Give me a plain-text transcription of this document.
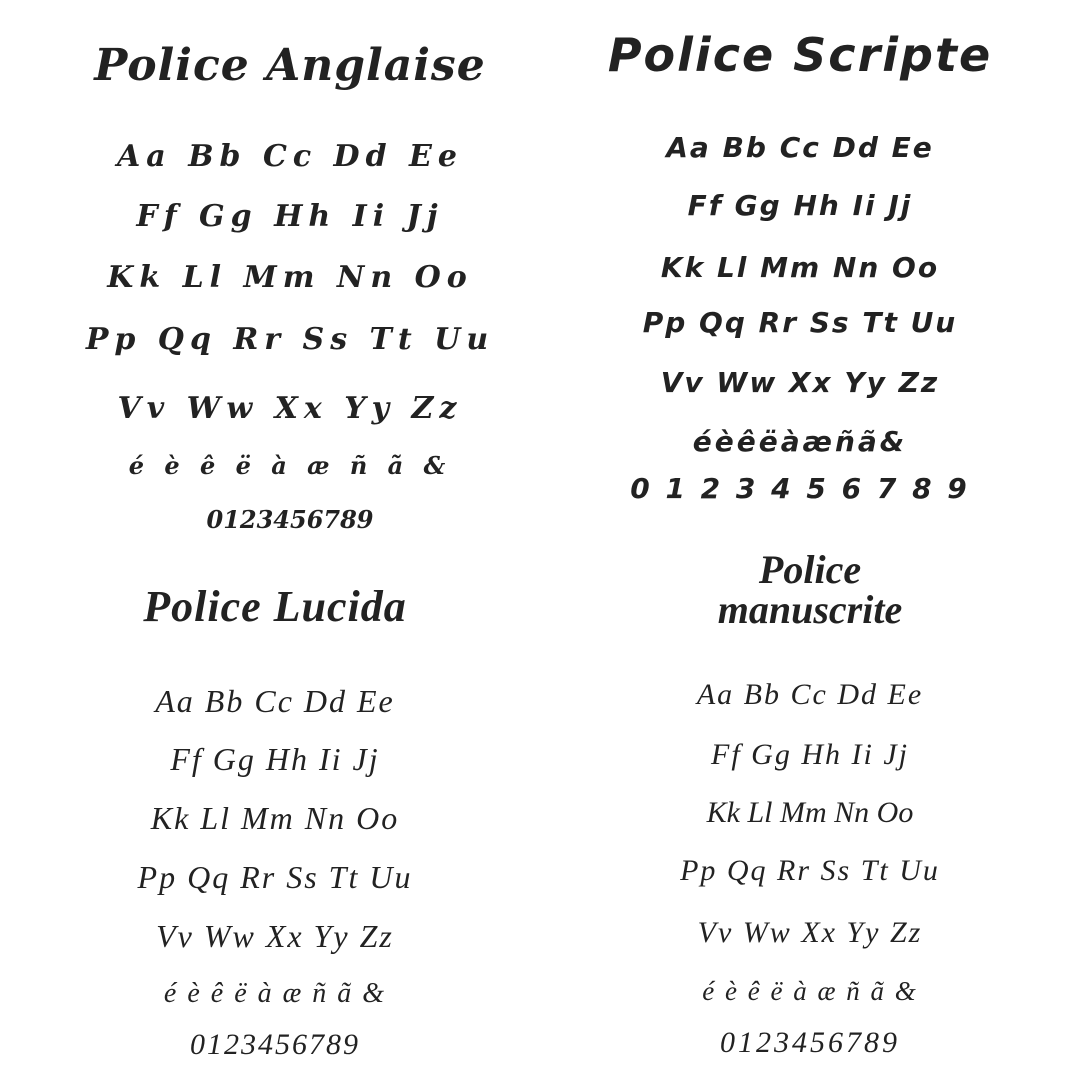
Police Anglaise
Aa Bb Cc Dd Ee
Ff Gg Hh Ii Jj
Kk Ll Mm Nn Oo
Pp Qq Rr Ss Tt Uu
Vv Ww Xx Yy Zz
é è ê ë à æ ñ ã &
0123456789
Police Scripte
Aa Bb Cc Dd Ee
Ff Gg Hh Ii Jj
Kk Ll Mm Nn Oo
Pp Qq Rr Ss Tt Uu
Vv Ww Xx Yy Zz
éèêëàæñã&
0 1 2 3 4 5 6 7 8 9
Police Lucida
Aa Bb Cc Dd Ee
Ff Gg Hh Ii Jj
Kk Ll Mm Nn Oo
Pp Qq Rr Ss Tt Uu
Vv Ww Xx Yy Zz
é è ê ë à æ ñ ã &
0123456789
Police
manuscrite
Aa Bb Cc Dd Ee
Ff Gg Hh Ii Jj
Kk Ll Mm Nn Oo
Pp Qq Rr Ss Tt Uu
Vv Ww Xx Yy Zz
é è ê ë à æ ñ ã &
0123456789
